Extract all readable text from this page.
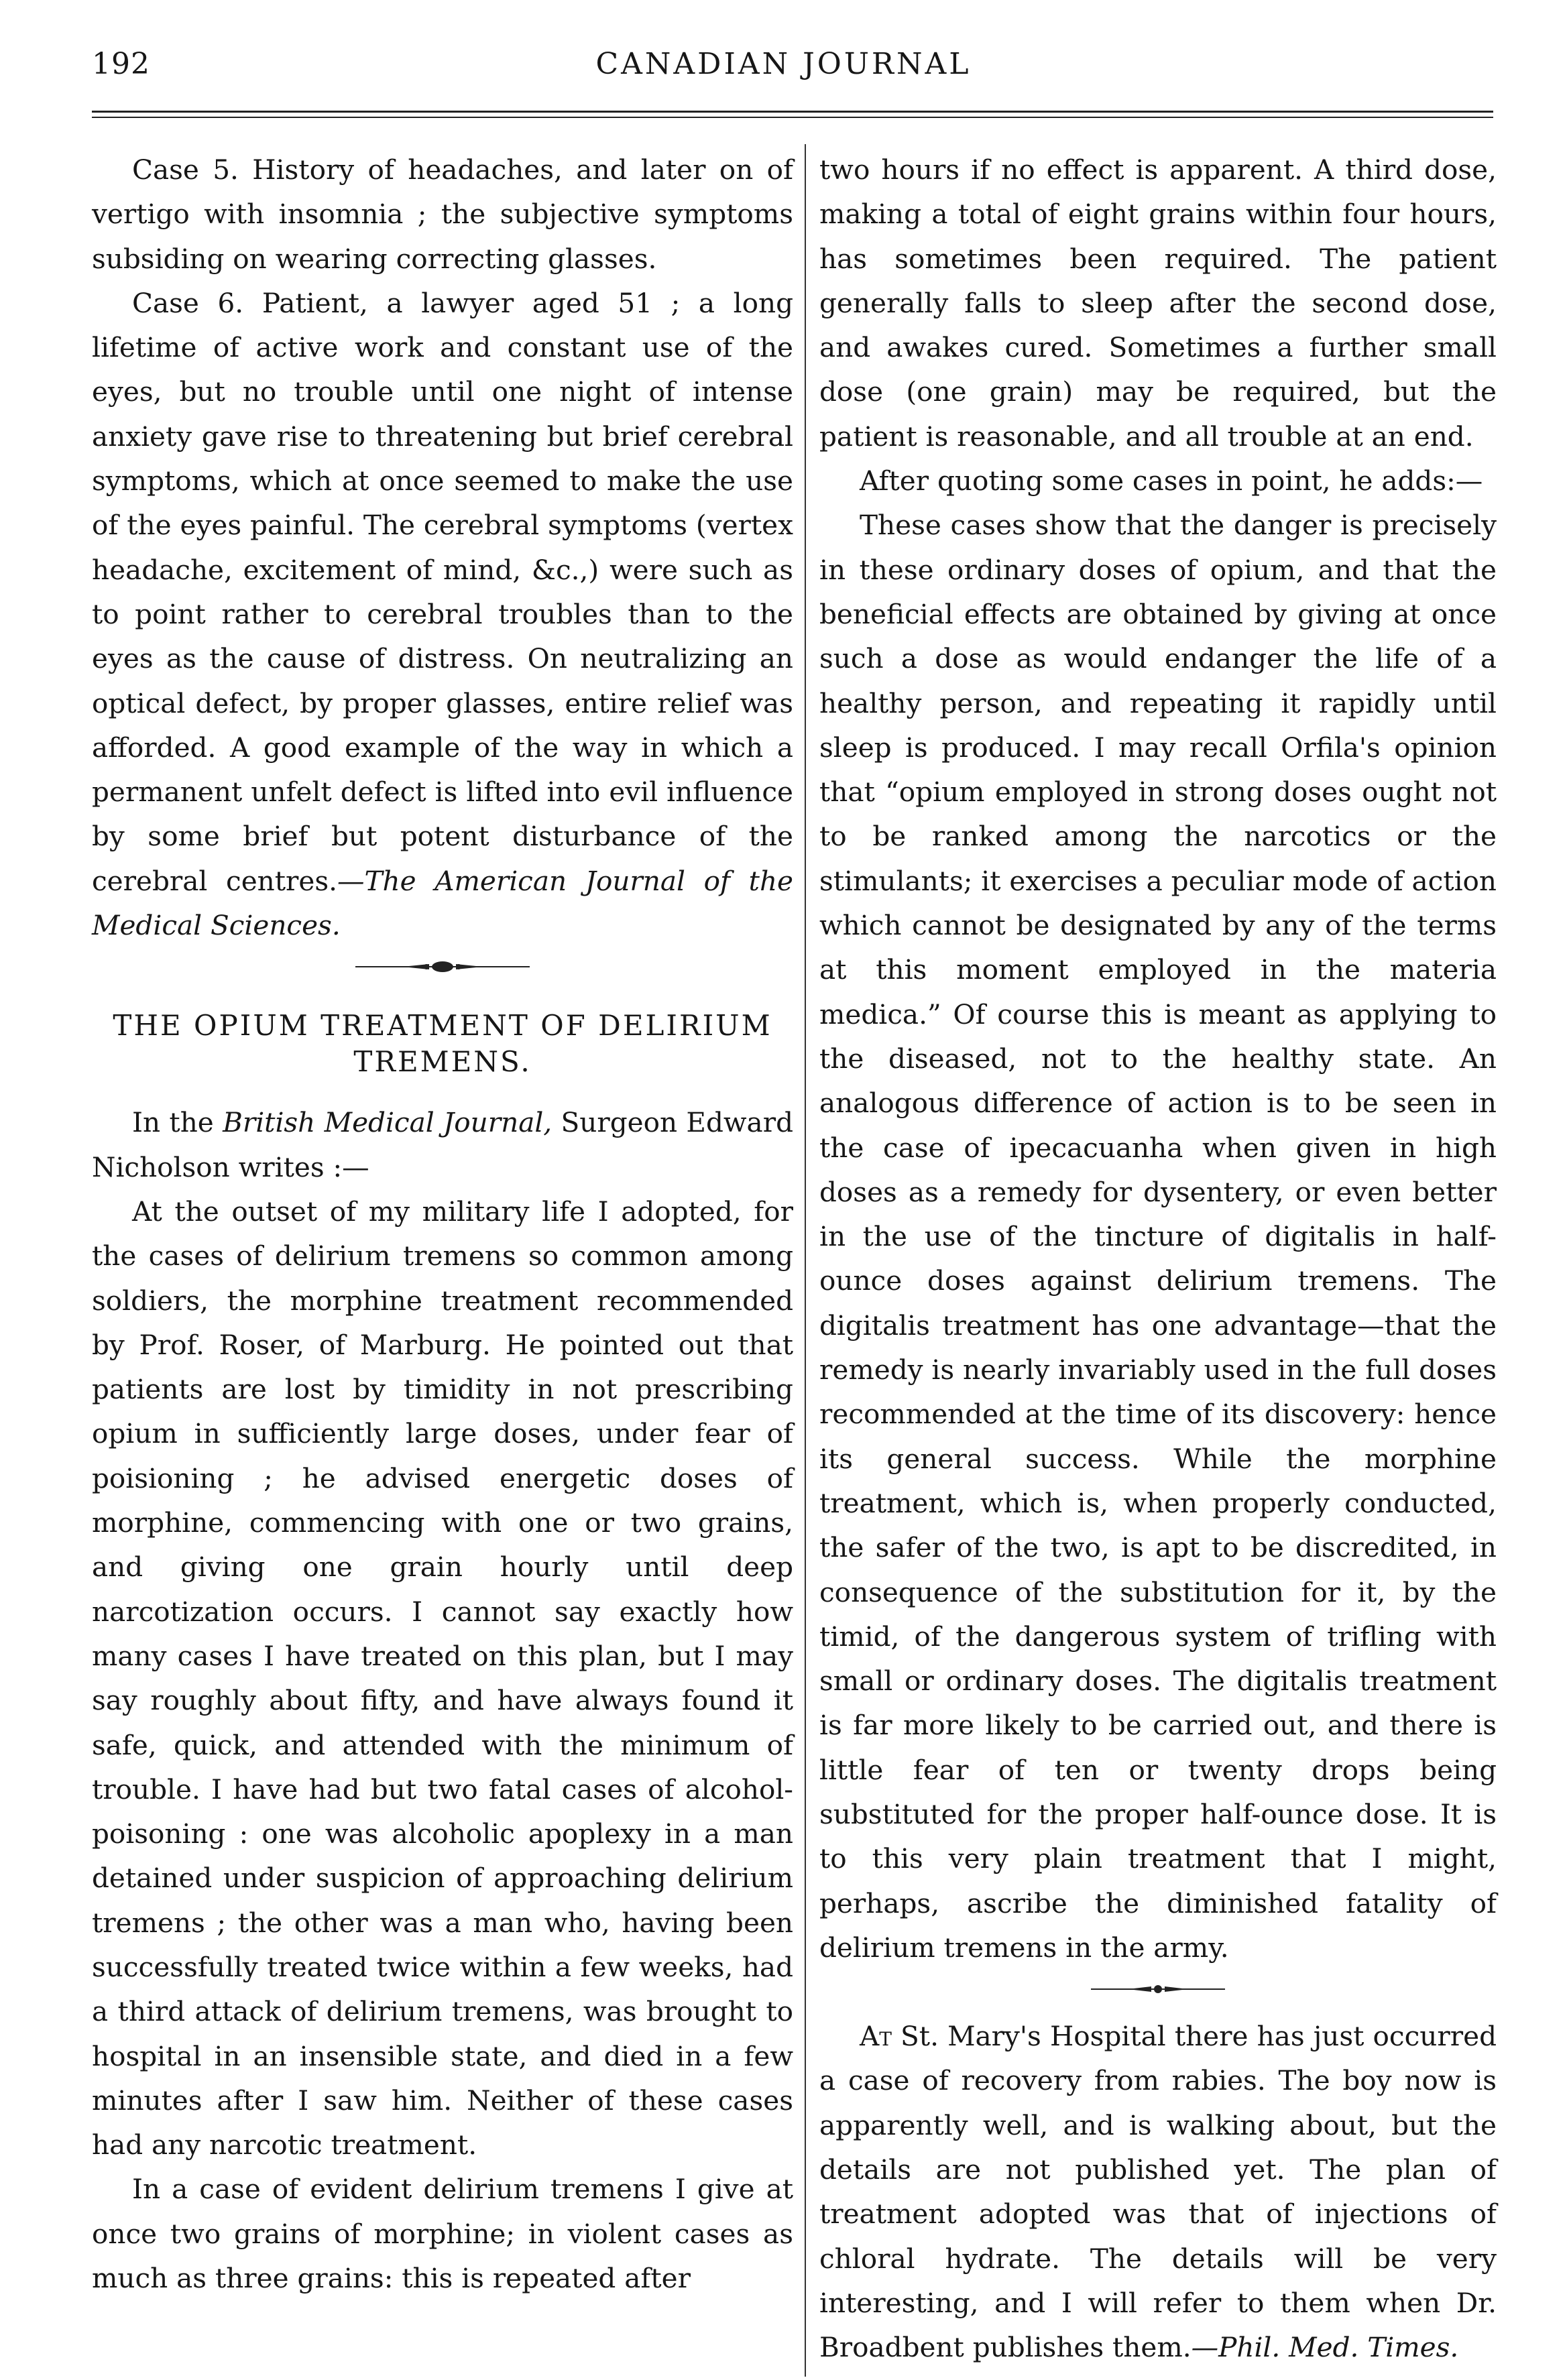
192	CANADIAN JOURNAL

Case 5. History of headaches, and later on of vertigo with insomnia ; the subjective symptoms subsiding on wearing correcting glasses.

Case 6. Patient, a lawyer aged 51 ; a long lifetime of active work and constant use of the eyes, but no trouble until one night of intense anxiety gave rise to threatening but brief cerebral symptoms, which at once seemed to make the use of the eyes painful. The cerebral symptoms (vertex headache, excitement of mind, &c.,) were such as to point rather to cerebral troubles than to the eyes as the cause of distress. On neutralizing an optical defect, by proper glasses, entire relief was afforded. A good example of the way in which a permanent unfelt defect is lifted into evil influence by some brief but potent disturbance of the cerebral centres.—The American Journal of the Medical Sciences.

THE OPIUM TREATMENT OF DELIRIUM TREMENS.

In the British Medical Journal, Surgeon Edward Nicholson writes :—

At the outset of my military life I adopted, for the cases of delirium tremens so common among soldiers, the morphine treatment recommended by Prof. Roser, of Marburg. He pointed out that patients are lost by timidity in not prescribing opium in sufficiently large doses, under fear of poisioning ; he advised energetic doses of morphine, commencing with one or two grains, and giving one grain hourly until deep narcotization occurs. I cannot say exactly how many cases I have treated on this plan, but I may say roughly about fifty, and have always found it safe, quick, and attended with the minimum of trouble. I have had but two fatal cases of alcohol-poisoning : one was alcoholic apoplexy in a man detained under suspicion of approaching delirium tremens ; the other was a man who, having been successfully treated twice within a few weeks, had a third attack of delirium tremens, was brought to hospital in an insensible state, and died in a few minutes after I saw him. Neither of these cases had any narcotic treatment.

In a case of evident delirium tremens I give at once two grains of morphine; in violent cases as much as three grains: this is repeated after

two hours if no effect is apparent. A third dose, making a total of eight grains within four hours, has sometimes been required. The patient generally falls to sleep after the second dose, and awakes cured. Sometimes a further small dose (one grain) may be required, but the patient is reasonable, and all trouble at an end.

After quoting some cases in point, he adds:—

These cases show that the danger is precisely in these ordinary doses of opium, and that the beneficial effects are obtained by giving at once such a dose as would endanger the life of a healthy person, and repeating it rapidly until sleep is produced. I may recall Orfila's opinion that “opium employed in strong doses ought not to be ranked among the narcotics or the stimulants; it exercises a peculiar mode of action which cannot be designated by any of the terms at this moment employed in the materia medica.” Of course this is meant as applying to the diseased, not to the healthy state. An analogous difference of action is to be seen in the case of ipecacuanha when given in high doses as a remedy for dysentery, or even better in the use of the tincture of digitalis in half-ounce doses against delirium tremens. The digitalis treatment has one advantage—that the remedy is nearly invariably used in the full doses recommended at the time of its discovery: hence its general success. While the morphine treatment, which is, when properly conducted, the safer of the two, is apt to be discredited, in consequence of the substitution for it, by the timid, of the dangerous system of trifling with small or ordinary doses. The digitalis treatment is far more likely to be carried out, and there is little fear of ten or twenty drops being substituted for the proper half-ounce dose. It is to this very plain treatment that I might, perhaps, ascribe the diminished fatality of delirium tremens in the army.

At St. Mary's Hospital there has just occurred a case of recovery from rabies. The boy now is apparently well, and is walking about, but the details are not published yet. The plan of treatment adopted was that of injections of chloral hydrate. The details will be very interesting, and I will refer to them when Dr. Broadbent publishes them.—Phil. Med. Times.
